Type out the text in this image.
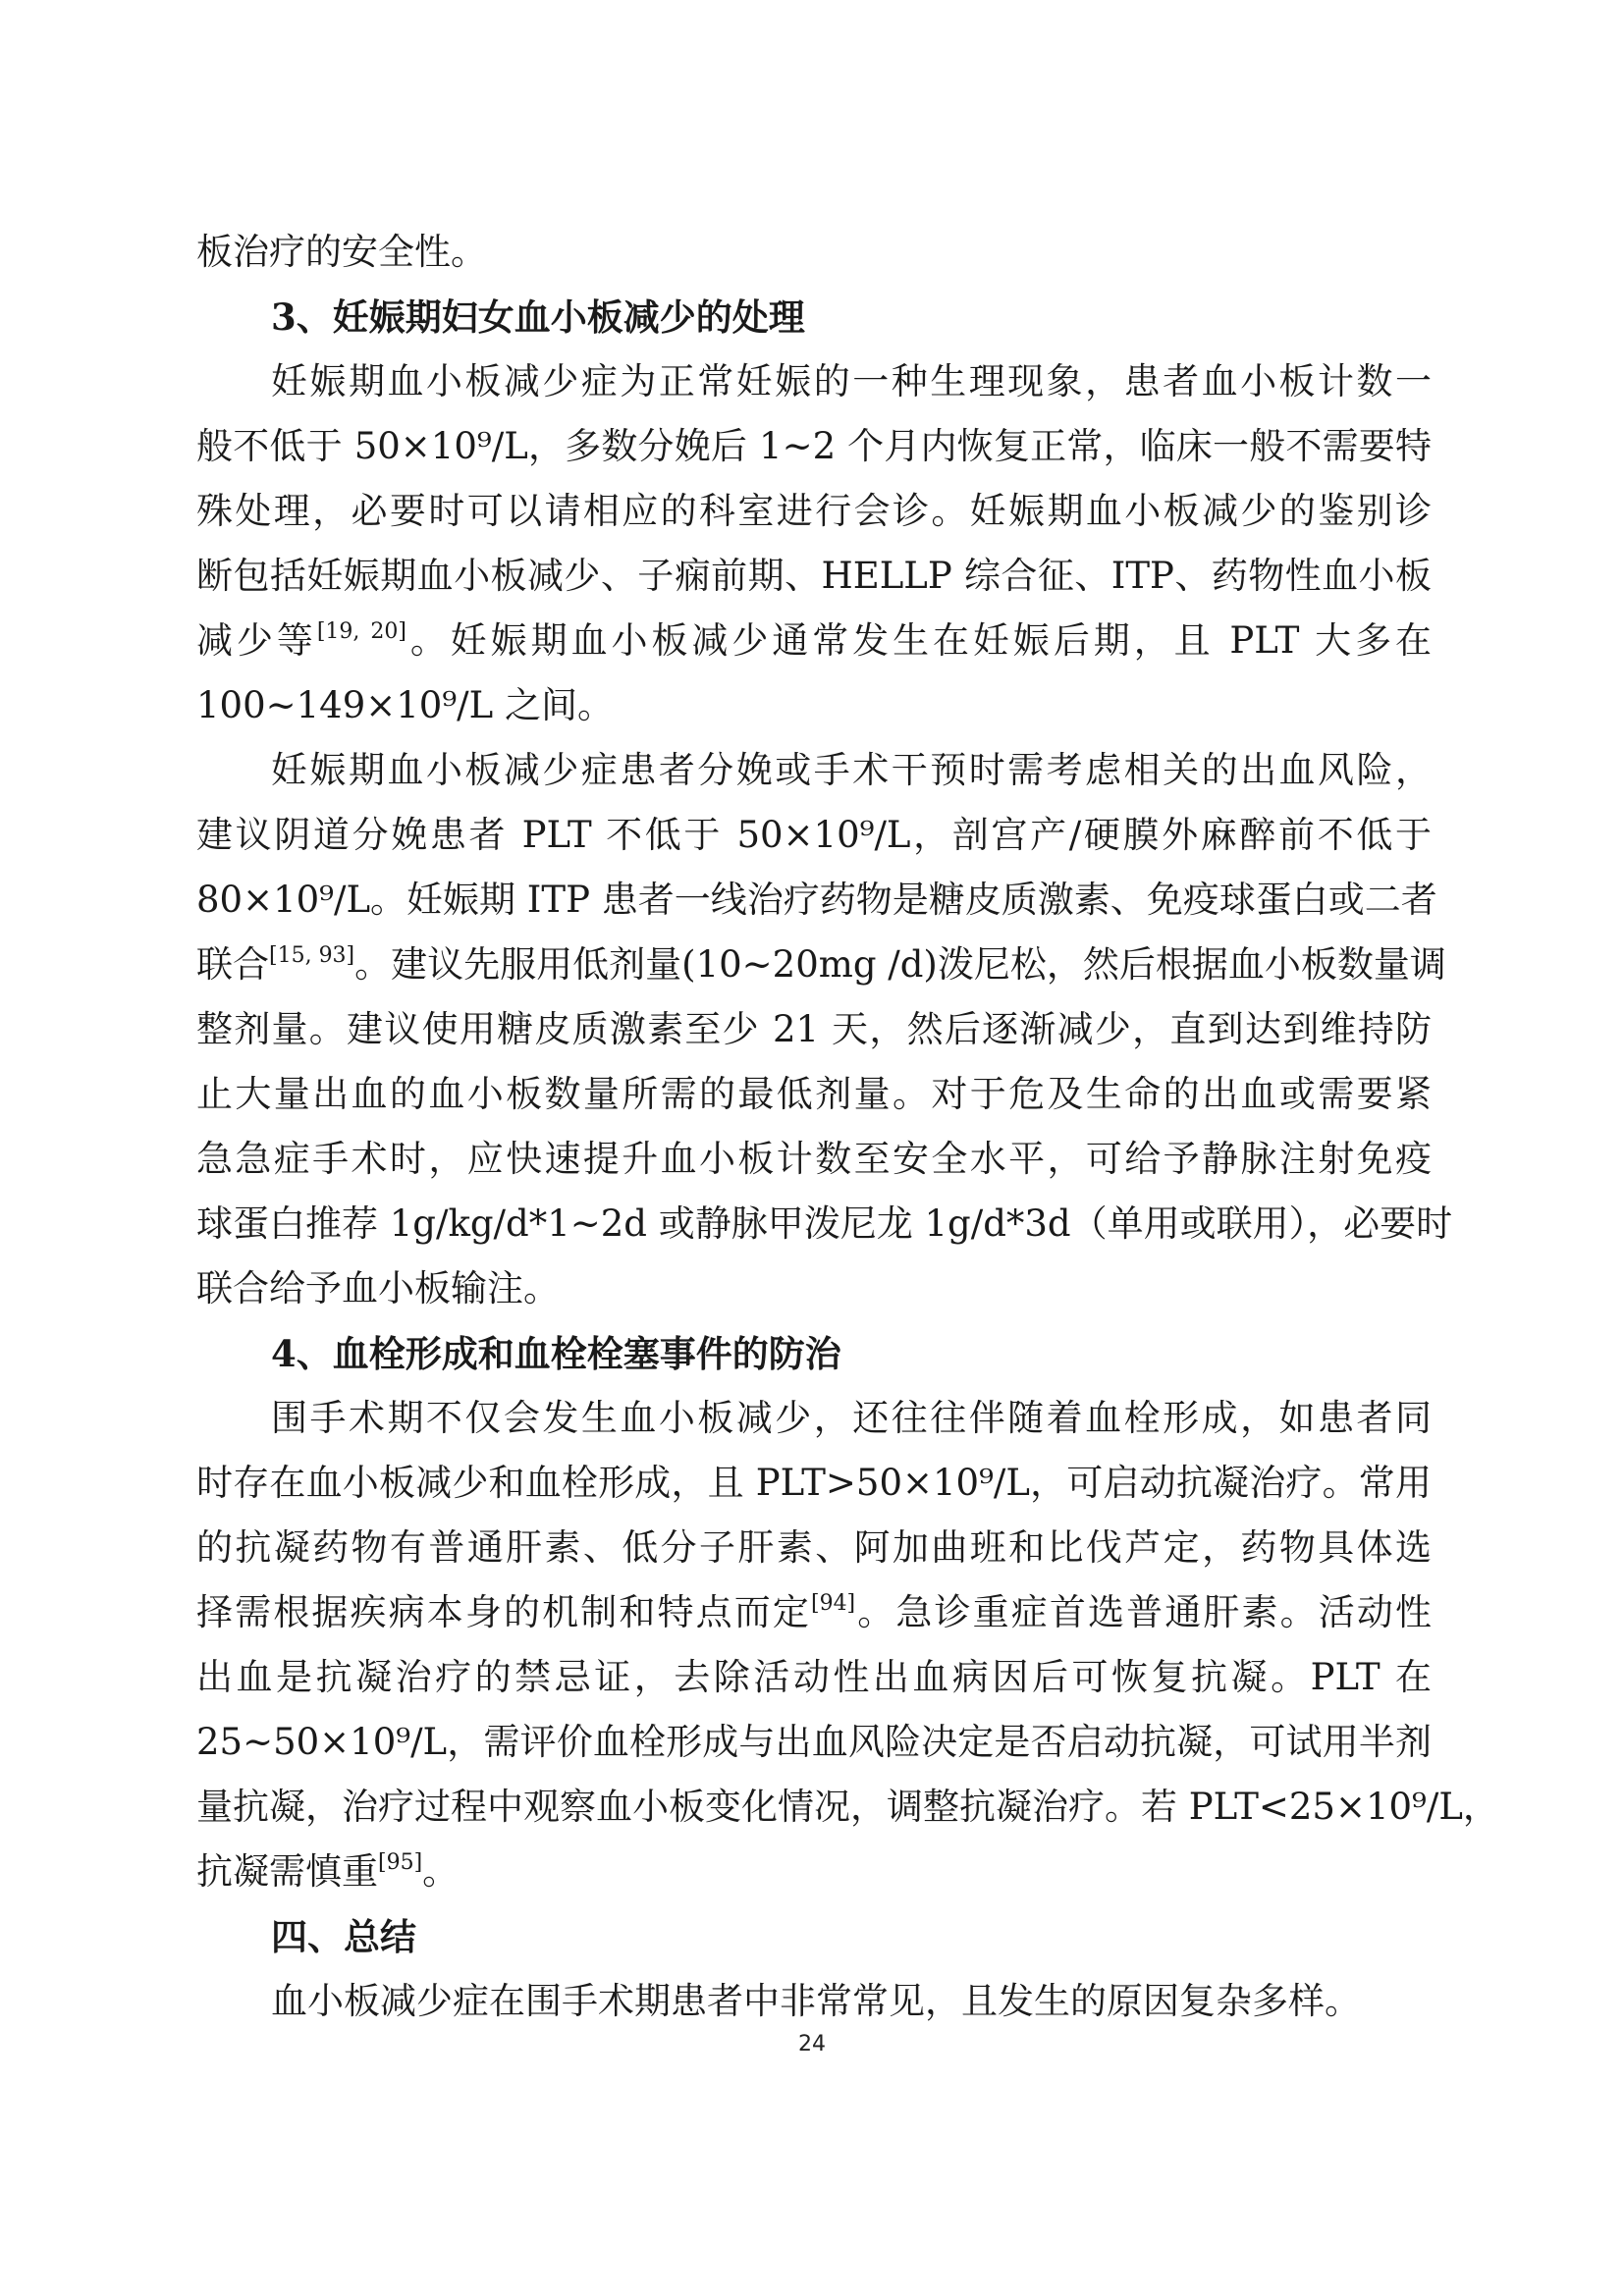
板治疗的安全性。
3、妊娠期妇女血小板减少的处理
妊娠期血小板减少症为正常妊娠的一种生理现象，患者血小板计数一
般不低于 50×10⁹/L，多数分娩后 1~2 个月内恢复正常，临床一般不需要特
殊处理，必要时可以请相应的科室进行会诊。妊娠期血小板减少的鉴别诊
断包括妊娠期血小板减少、子痫前期、HELLP 综合征、ITP、药物性血小板
减少等[19, 20]。妊娠期血小板减少通常发生在妊娠后期，且 PLT 大多在
100~149×10⁹/L 之间。
妊娠期血小板减少症患者分娩或手术干预时需考虑相关的出血风险，
建议阴道分娩患者 PLT 不低于 50×10⁹/L，剖宫产/硬膜外麻醉前不低于
80×10⁹/L。妊娠期 ITP 患者一线治疗药物是糖皮质激素、免疫球蛋白或二者
联合[15, 93]。建议先服用低剂量(10~20mg /d)泼尼松，然后根据血小板数量调
整剂量。建议使用糖皮质激素至少 21 天，然后逐渐减少，直到达到维持防
止大量出血的血小板数量所需的最低剂量。对于危及生命的出血或需要紧
急急症手术时，应快速提升血小板计数至安全水平，可给予静脉注射免疫
球蛋白推荐 1g/kg/d*1~2d 或静脉甲泼尼龙 1g/d*3d（单用或联用），必要时
联合给予血小板输注。
4、血栓形成和血栓栓塞事件的防治
围手术期不仅会发生血小板减少，还往往伴随着血栓形成，如患者同
时存在血小板减少和血栓形成，且 PLT>50×10⁹/L，可启动抗凝治疗。常用
的抗凝药物有普通肝素、低分子肝素、阿加曲班和比伐芦定，药物具体选
择需根据疾病本身的机制和特点而定[94]。急诊重症首选普通肝素。活动性
出血是抗凝治疗的禁忌证，去除活动性出血病因后可恢复抗凝。PLT 在
25~50×10⁹/L，需评价血栓形成与出血风险决定是否启动抗凝，可试用半剂
量抗凝，治疗过程中观察血小板变化情况，调整抗凝治疗。若 PLT<25×10⁹/L，
抗凝需慎重[95]。
四、总结
血小板减少症在围手术期患者中非常常见，且发生的原因复杂多样。
24
